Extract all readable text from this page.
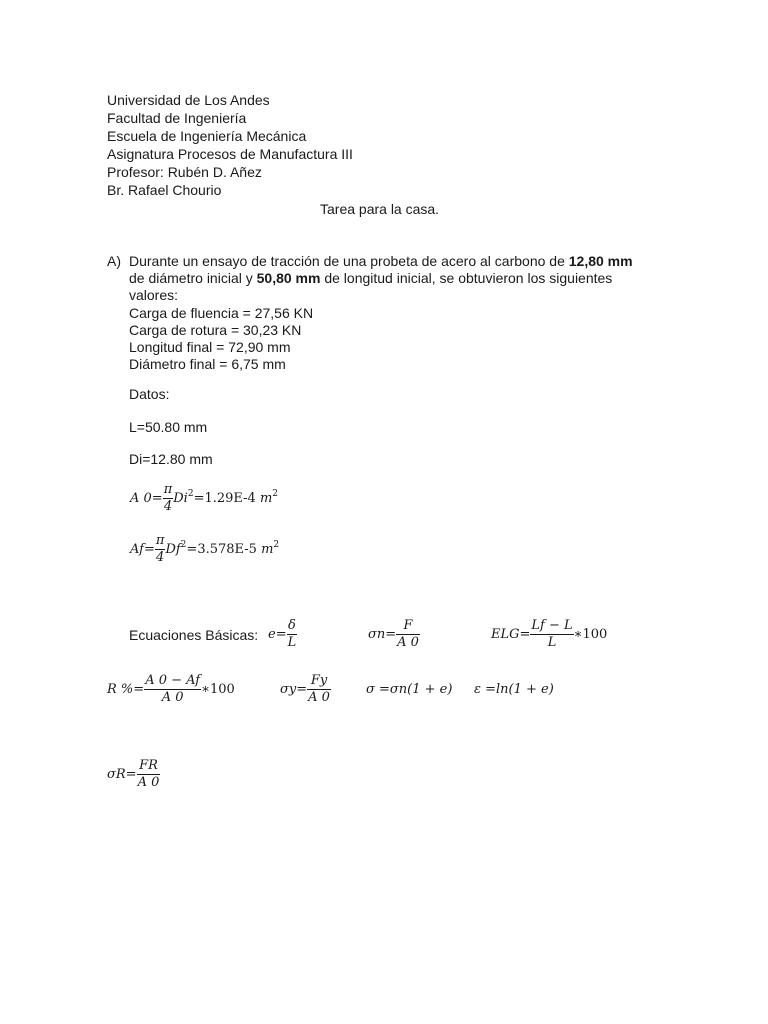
Universidad de Los Andes
Facultad de Ingeniería
Escuela de Ingeniería Mecánica
Asignatura Procesos de Manufactura III
Profesor: Rubén D. Añez
Br. Rafael Chourio
Tarea para la casa.
A) Durante un ensayo de tracción de una probeta de acero al carbono de 12,80 mm
de diámetro inicial y 50,80 mm de longitud inicial, se obtuvieron los siguientes
valores:
Carga de fluencia = 27,56 KN
Carga de rotura = 30,23 KN
Longitud final = 72,90 mm
Diámetro final = 6,75 mm
Datos:
L=50.80 mm
Di=12.80 mm
A $0= \frac{\pi}{4} Di^2=1.29E-4$ $m^2$
$Af= \frac{\pi}{4} Df^2=3.578E-5$ $m^2$
Ecuaciones Básicas: $e= \frac{\delta}{L}$	$\sigma n= \frac{F}{A 0}$	$ELG= \frac{Lf - L}{L}$ ∗100
R %= $\frac{A 0 - Af}{A 0}$ ∗100	$\sigma y= \frac{Fy}{A 0}$	σ =σn(1 + e) ε =ln(1 + e)
$\sigma R= \frac{FR}{A 0}$
